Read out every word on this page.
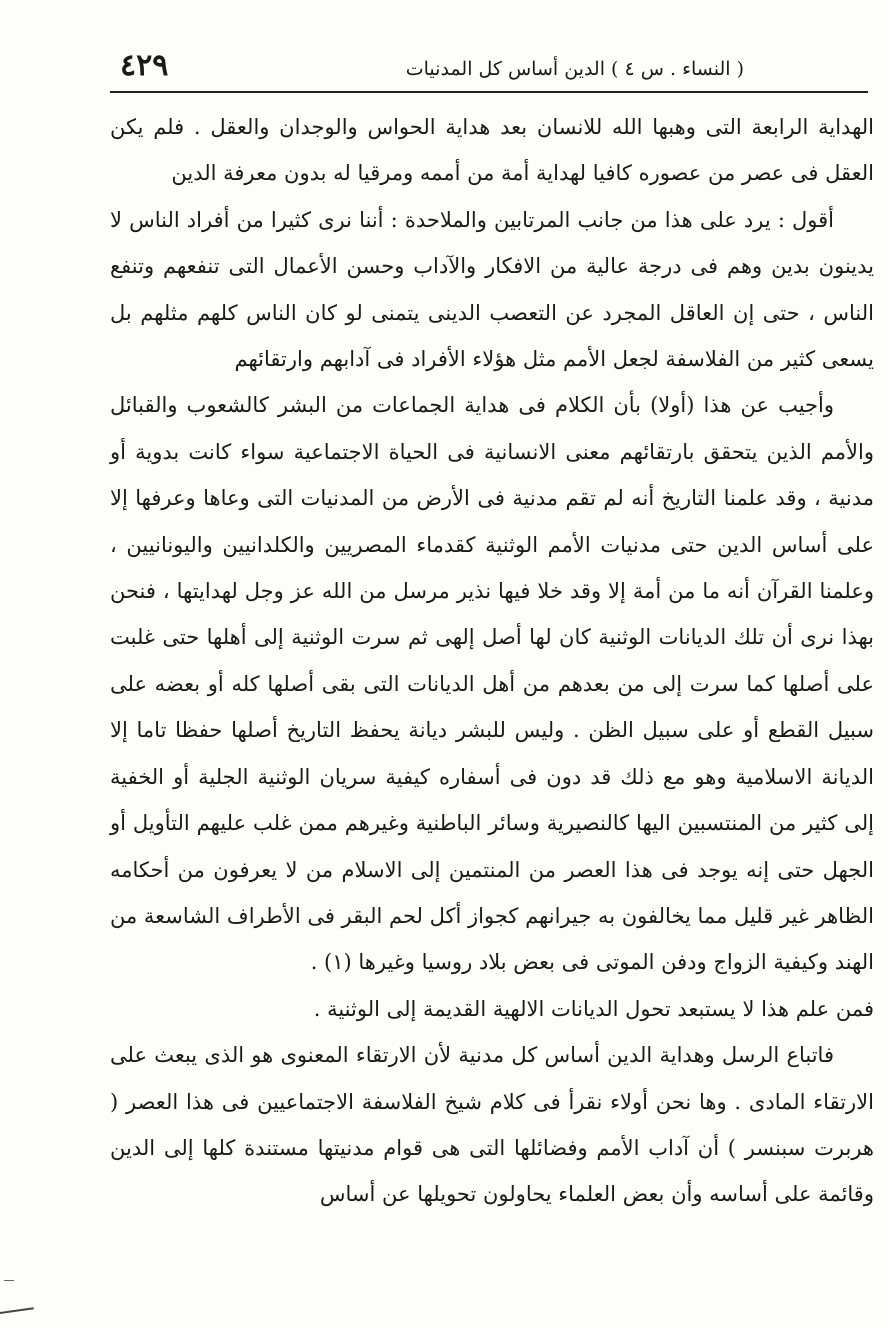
( النساء . س ٤ ) الدين أساس كل المدنيات
٤٢٩

الهداية الرابعة التى وهبها الله للانسان بعد هداية الحواس والوجدان والعقل . فلم يكن العقل فى عصر من عصوره كافيا لهداية أمة من أممه ومرقيا له بدون معرفة الدين

أقول : يرد على هذا من جانب المرتابين والملاحدة : أننا نرى كثيرا من أفراد الناس لا يدينون بدين وهم فى درجة عالية من الافكار والآداب وحسن الأعمال التى تنفعهم وتنفع الناس ، حتى إن العاقل المجرد عن التعصب الدينى يتمنى لو كان الناس كلهم مثلهم بل يسعى كثير من الفلاسفة لجعل الأمم مثل هؤلاء الأفراد فى آدابهم وارتقائهم

وأجيب عن هذا (أولا) بأن الكلام فى هداية الجماعات من البشر كالشعوب والقبائل والأمم الذين يتحقق بارتقائهم معنى الانسانية فى الحياة الاجتماعية سواء كانت بدوية أو مدنية ، وقد علمنا التاريخ أنه لم تقم مدنية فى الأرض من المدنيات التى وعاها وعرفها إلا على أساس الدين حتى مدنيات الأمم الوثنية كقدماء المصريين والكلدانيين واليونانيين ، وعلمنا القرآن أنه ما من أمة إلا وقد خلا فيها نذير مرسل من الله عز وجل لهدايتها ، فنحن بهذا نرى أن تلك الديانات الوثنية كان لها أصل إلهى ثم سرت الوثنية إلى أهلها حتى غلبت على أصلها كما سرت إلى من بعدهم من أهل الديانات التى بقى أصلها كله أو بعضه على سبيل القطع أو على سبيل الظن . وليس للبشر ديانة يحفظ التاريخ أصلها حفظا تاما إلا الديانة الاسلامية وهو مع ذلك قد دون فى أسفاره كيفية سريان الوثنية الجلية أو الخفية إلى كثير من المنتسبين اليها كالنصيرية وسائر الباطنية وغيرهم ممن غلب عليهم التأويل أو الجهل حتى إنه يوجد فى هذا العصر من المنتمين إلى الاسلام من لا يعرفون من أحكامه الظاهر غير قليل مما يخالفون به جيرانهم كجواز أكل لحم البقر فى الأطراف الشاسعة من الهند وكيفية الزواج ودفن الموتى فى بعض بلاد روسيا وغيرها (١) .

فمن علم هذا لا يستبعد تحول الديانات الالهية القديمة إلى الوثنية .

فاتباع الرسل وهداية الدين أساس كل مدنية لأن الارتقاء المعنوى هو الذى يبعث على الارتقاء المادى . وها نحن أولاء نقرأ فى كلام شيخ الفلاسفة الاجتماعيين فى هذا العصر ( هربرت سبنسر ) أن آداب الأمم وفضائلها التى هى قوام مدنيتها مستندة كلها إلى الدين وقائمة على أساسه وأن بعض العلماء يحاولون تحويلها عن أساس
